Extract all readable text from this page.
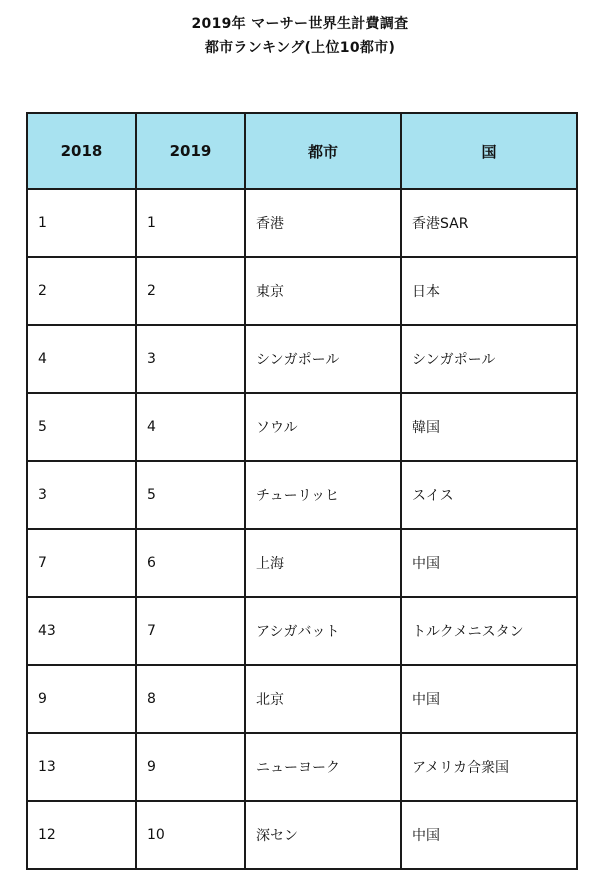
2019年 マーサー世界生計費調査
都市ランキング(上位10都市)
2018	2019	都市	国
1	1	香港	香港SAR
2	2	東京	日本
4	3	シンガポール	シンガポール
5	4	ソウル	韓国
3	5	チューリッヒ	スイス
7	6	上海	中国
43	7	アシガバット	トルクメニスタン
9	8	北京	中国
13	9	ニューヨーク	アメリカ合衆国
12	10	深セン	中国
